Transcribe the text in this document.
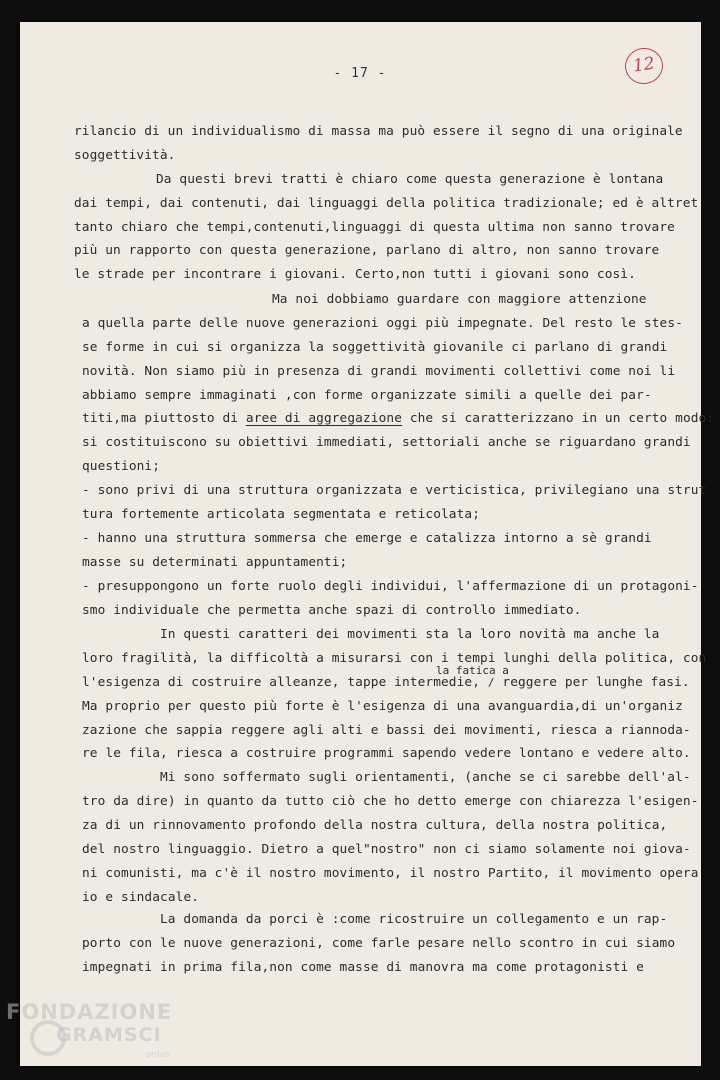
- 17 -	12
rilancio di un individualismo di massa ma può essere il segno di una originale
soggettività.
Da questi brevi tratti è chiaro come questa generazione è lontana
dai tempi, dai contenuti, dai linguaggi della politica tradizionale; ed è altret
tanto chiaro che tempi,contenuti,linguaggi di questa ultima non sanno trovare
più un rapporto con questa generazione, parlano di altro, non sanno trovare
le strade per incontrare i giovani. Certo,non tutti i giovani sono così.
Ma noi dobbiamo guardare con maggiore attenzione
a quella parte delle nuove generazioni oggi più impegnate. Del resto le stes-
se forme in cui si organizza la soggettività giovanile ci parlano di grandi
novità. Non siamo più in presenza di grandi movimenti collettivi come noi li
abbiamo sempre immaginati ,con forme organizzate simili a quelle dei par-
titi,ma piuttosto di aree di aggregazione che si caratterizzano in un certo modo:
si costituiscono su obiettivi immediati, settoriali anche se riguardano grandi
questioni;
- sono privi di una struttura organizzata e verticistica, privilegiano una strut
tura fortemente articolata segmentata e reticolata;
- hanno una struttura sommersa che emerge e catalizza intorno a sè grandi
masse su determinati appuntamenti;
- presuppongono un forte ruolo degli individui, l'affermazione di un protagoni-
smo individuale che permetta anche spazi di controllo immediato.
In questi caratteri dei movimenti sta la loro novità ma anche la
loro fragilità, la difficoltà a misurarsi con i tempi lunghi della politica, con
l'esigenza di costruire alleanze, tappe intermedie, / reggere per lunghe fasi.
la fatica a
Ma proprio per questo più forte è l'esigenza di una avanguardia,di un'organiz
zazione che sappia reggere agli alti e bassi dei movimenti, riesca a riannoda-
re le fila, riesca a costruire programmi sapendo vedere lontano e vedere alto.
Mi sono soffermato sugli orientamenti, (anche se ci sarebbe dell'al-
tro da dire) in quanto da tutto ciò che ho detto emerge con chiarezza l'esigen-
za di un rinnovamento profondo della nostra cultura, della nostra politica,
del nostro linguaggio. Dietro a quel"nostro" non ci siamo solamente noi giova-
ni comunisti, ma c'è il nostro movimento, il nostro Partito, il movimento opera
io e sindacale.
La domanda da porci è :come ricostruire un collegamento e un rap-
porto con le nuove generazioni, come farle pesare nello scontro in cui siamo
impegnati in prima fila,non come masse di manovra ma come protagonisti e
FONDAZIONE
GRAMSCI
onlus
